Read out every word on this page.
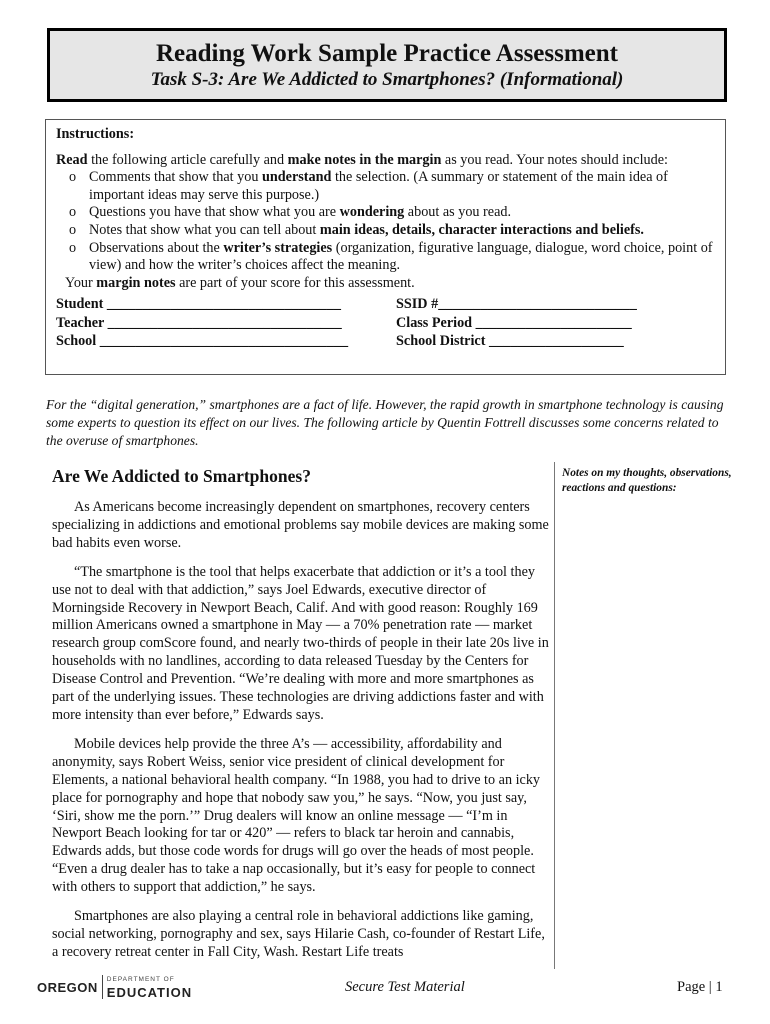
Reading Work Sample Practice Assessment
Task S-3: Are We Addicted to Smartphones? (Informational)
Instructions:
Read the following article carefully and make notes in the margin as you read. Your notes should include:
o Comments that show that you understand the selection. (A summary or statement of the main idea of important ideas may serve this purpose.)
o Questions you have that show what you are wondering about as you read.
o Notes that show what you can tell about main ideas, details, character interactions and beliefs.
o Observations about the writer’s strategies (organization, figurative language, dialogue, word choice, point of view) and how the writer’s choices affect the meaning.
Your margin notes are part of your score for this assessment.
Student _________________________________
Teacher _________________________________
School ___________________________________
SSID #____________________________
Class Period ______________________
School District ___________________
For the “digital generation,” smartphones are a fact of life. However, the rapid growth in smartphone technology is causing some experts to question its effect on our lives. The following article by Quentin Fottrell discusses some concerns related to the overuse of smartphones.
Are We Addicted to Smartphones?

As Americans become increasingly dependent on smartphones, recovery centers specializing in addictions and emotional problems say mobile devices are making some bad habits even worse.

“The smartphone is the tool that helps exacerbate that addiction or it’s a tool they use not to deal with that addiction,” says Joel Edwards, executive director of Morningside Recovery in Newport Beach, Calif. And with good reason: Roughly 169 million Americans owned a smartphone in May — a 70% penetration rate — market research group comScore found, and nearly two-thirds of people in their late 20s live in households with no landlines, according to data released Tuesday by the Centers for Disease Control and Prevention. “We’re dealing with more and more smartphones as part of the underlying issues. These technologies are driving addictions faster and with more intensity than ever before,” Edwards says.

Mobile devices help provide the three A’s — accessibility, affordability and anonymity, says Robert Weiss, senior vice president of clinical development for Elements, a national behavioral health company. “In 1988, you had to drive to an icky place for pornography and hope that nobody saw you,” he says. “Now, you just say, ‘Siri, show me the porn.’” Drug dealers will know an online message — “I’m in Newport Beach looking for tar or 420” — refers to black tar heroin and cannabis, Edwards adds, but those code words for drugs will go over the heads of most people. “Even a drug dealer has to take a nap occasionally, but it’s easy for people to connect with others to support that addiction,” he says.

Smartphones are also playing a central role in behavioral addictions like gaming, social networking, pornography and sex, says Hilarie Cash, co-founder of Restart Life, a recovery retreat center in Fall City, Wash. Restart Life treats

Notes on my thoughts, observations, reactions and questions:
OREGON
DEPARTMENT OF
EDUCATION	Secure Test Material	Page | 1
